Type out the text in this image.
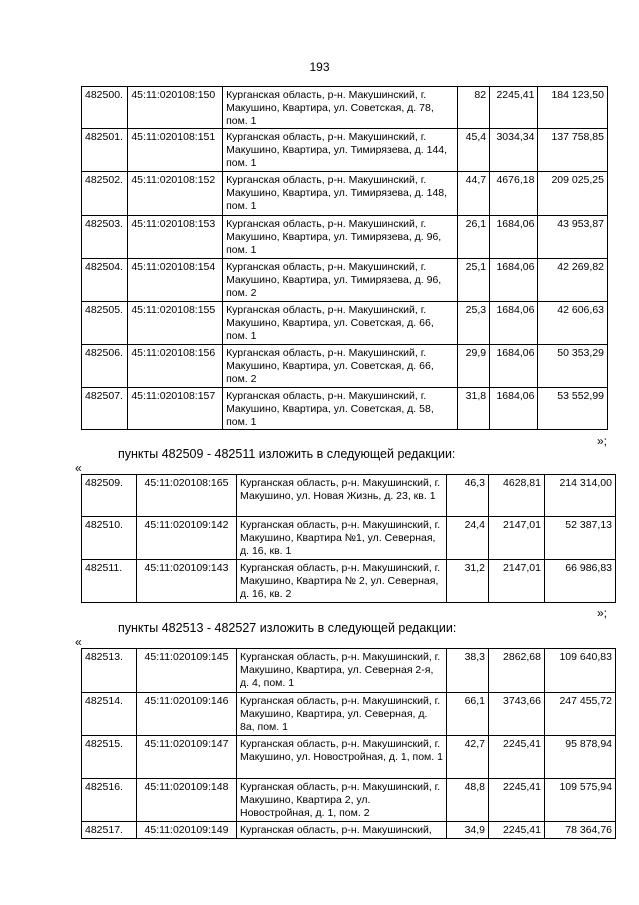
193
482500.	45:11:020108:150	Курганская область, р-н. Макушинский, г. Макушино, Квартира, ул. Советская, д. 78, пом. 1	82	2245,41	184 123,50
482501.	45:11:020108:151	Курганская область, р-н. Макушинский, г. Макушино, Квартира, ул. Тимирязева, д. 144, пом. 1	45,4	3034,34	137 758,85
482502.	45:11:020108:152	Курганская область, р-н. Макушинский, г. Макушино, Квартира, ул. Тимирязева, д. 148, пом. 1	44,7	4676,18	209 025,25
482503.	45:11:020108:153	Курганская область, р-н. Макушинский, г. Макушино, Квартира, ул. Тимирязева, д. 96, пом. 1	26,1	1684,06	43 953,87
482504.	45:11:020108:154	Курганская область, р-н. Макушинский, г. Макушино, Квартира, ул. Тимирязева, д. 96, пом. 2	25,1	1684,06	42 269,82
482505.	45:11:020108:155	Курганская область, р-н. Макушинский, г. Макушино, Квартира, ул. Советская, д. 66, пом. 1	25,3	1684,06	42 606,63
482506.	45:11:020108:156	Курганская область, р-н. Макушинский, г. Макушино, Квартира, ул. Советская, д. 66, пом. 2	29,9	1684,06	50 353,29
482507.	45:11:020108:157	Курганская область, р-н. Макушинский, г. Макушино, Квартира, ул. Советская, д. 58, пом. 1	31,8	1684,06	53 552,99
»;
пункты 482509 - 482511 изложить в следующей редакции:
«
482509.	45:11:020108:165	Курганская область, р-н. Макушинский, г. Макушино, ул. Новая Жизнь, д. 23, кв. 1	46,3	4628,81	214 314,00
482510.	45:11:020109:142	Курганская область, р-н. Макушинский, г. Макушино, Квартира №1, ул. Северная, д. 16, кв. 1	24,4	2147,01	52 387,13
482511.	45:11:020109:143	Курганская область, р-н. Макушинский, г. Макушино, Квартира № 2, ул. Северная, д. 16, кв. 2	31,2	2147,01	66 986,83
»;
пункты 482513 - 482527 изложить в следующей редакции:
«
482513.	45:11:020109:145	Курганская область, р-н. Макушинский, г. Макушино, Квартира, ул. Северная 2-я, д. 4, пом. 1	38,3	2862,68	109 640,83
482514.	45:11:020109:146	Курганская область, р-н. Макушинский, г. Макушино, Квартира, ул. Северная, д. 8а, пом. 1	66,1	3743,66	247 455,72
482515.	45:11:020109:147	Курганская область, р-н. Макушинский, г. Макушино, ул. Новостройная, д. 1, пом. 1	42,7	2245,41	95 878,94
482516.	45:11:020109:148	Курганская область, р-н. Макушинский, г. Макушино, Квартира 2, ул. Новостройная, д. 1, пом. 2	48,8	2245,41	109 575,94
482517.	45:11:020109:149	Курганская область, р-н. Макушинский,	34,9	2245,41	78 364,76
